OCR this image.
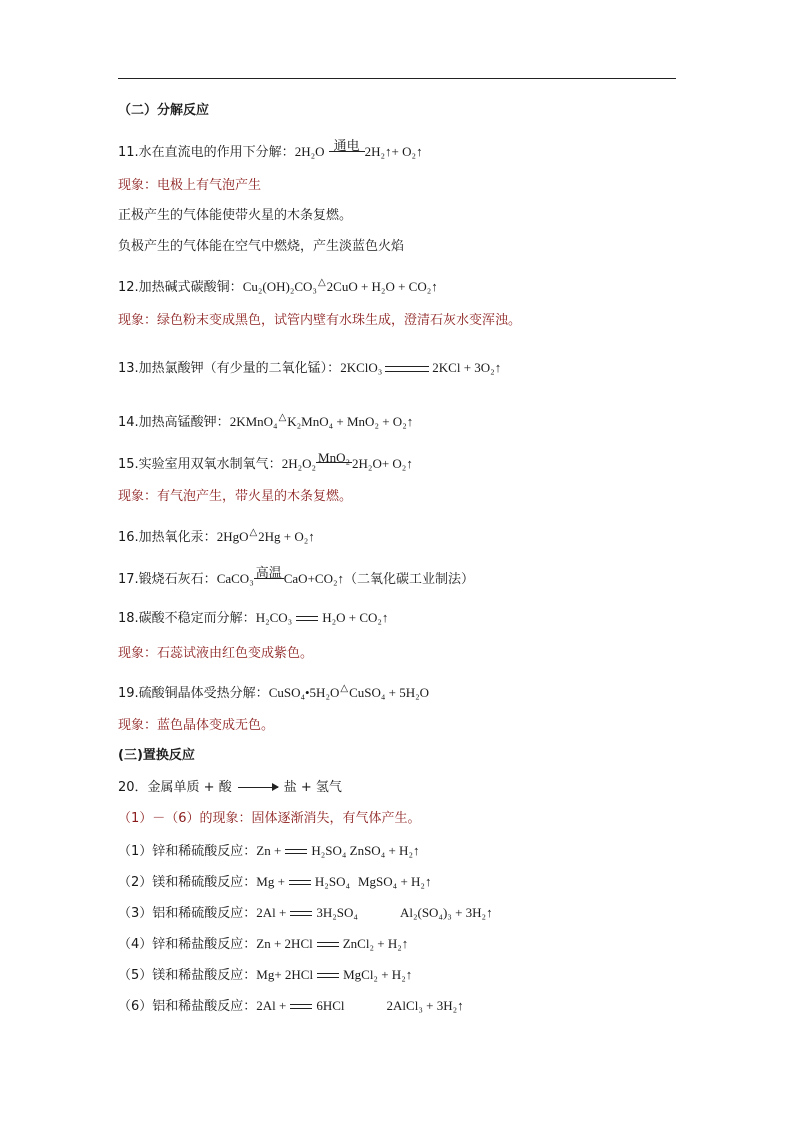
（二）分解反应
11.水在直流电的作用下分解：2H₂O 通电 2H₂↑+ O₂↑
现象：电极上有气泡产生
正极产生的气体能使带火星的木条复燃。
负极产生的气体能在空气中燃烧，产生淡蓝色火焰
12.加热碱式碳酸铜：Cu₂(OH)₂CO₃△2CuO + H₂O + CO₂↑
现象：绿色粉末变成黑色，试管内壁有水珠生成，澄清石灰水变浑浊。
13.加热氯酸钾（有少量的二氧化锰）：2KClO₃	2KCl + 3O₂↑
14.加热高锰酸钾：2KMnO₄△K₂MnO₄ + MnO₂ + O₂↑
15.实验室用双氧水制氧气：2H₂O₂ MnO₂ 2H₂O+ O₂↑
现象：有气泡产生，带火星的木条复燃。
16.加热氧化汞：2HgO△2Hg + O₂↑
17.锻烧石灰石：CaCO₃ 高温 CaO+CO₂↑（二氧化碳工业制法）
18.碳酸不稳定而分解：H₂CO₃ H₂O + CO₂↑
现象：石蕊试液由红色变成紫色。
19.硫酸铜晶体受热分解：CuSO₄•5H₂O△CuSO₄ + 5H₂O
现象：蓝色晶体变成无色。
(三)置换反应
20．金属单质 + 酸	盐 + 氢气
（1）－（6）的现象：固体逐渐消失，有气体产生。
（1）锌和稀硫酸反应：Zn + H₂SO₄ ZnSO₄ + H₂↑
（2）镁和稀硫酸反应：Mg + H₂SO₄ MgSO₄ + H₂↑
（3）铝和稀硫酸反应：2Al + 3H₂SO₄	Al₂(SO₄)₃ + 3H₂↑
（4）锌和稀盐酸反应：Zn + 2HCl ZnCl₂ + H₂↑
（5）镁和稀盐酸反应：Mg+ 2HCl MgCl₂ + H₂↑
（6）铝和稀盐酸反应：2Al + 6HCl	2AlCl₃ + 3H₂↑
